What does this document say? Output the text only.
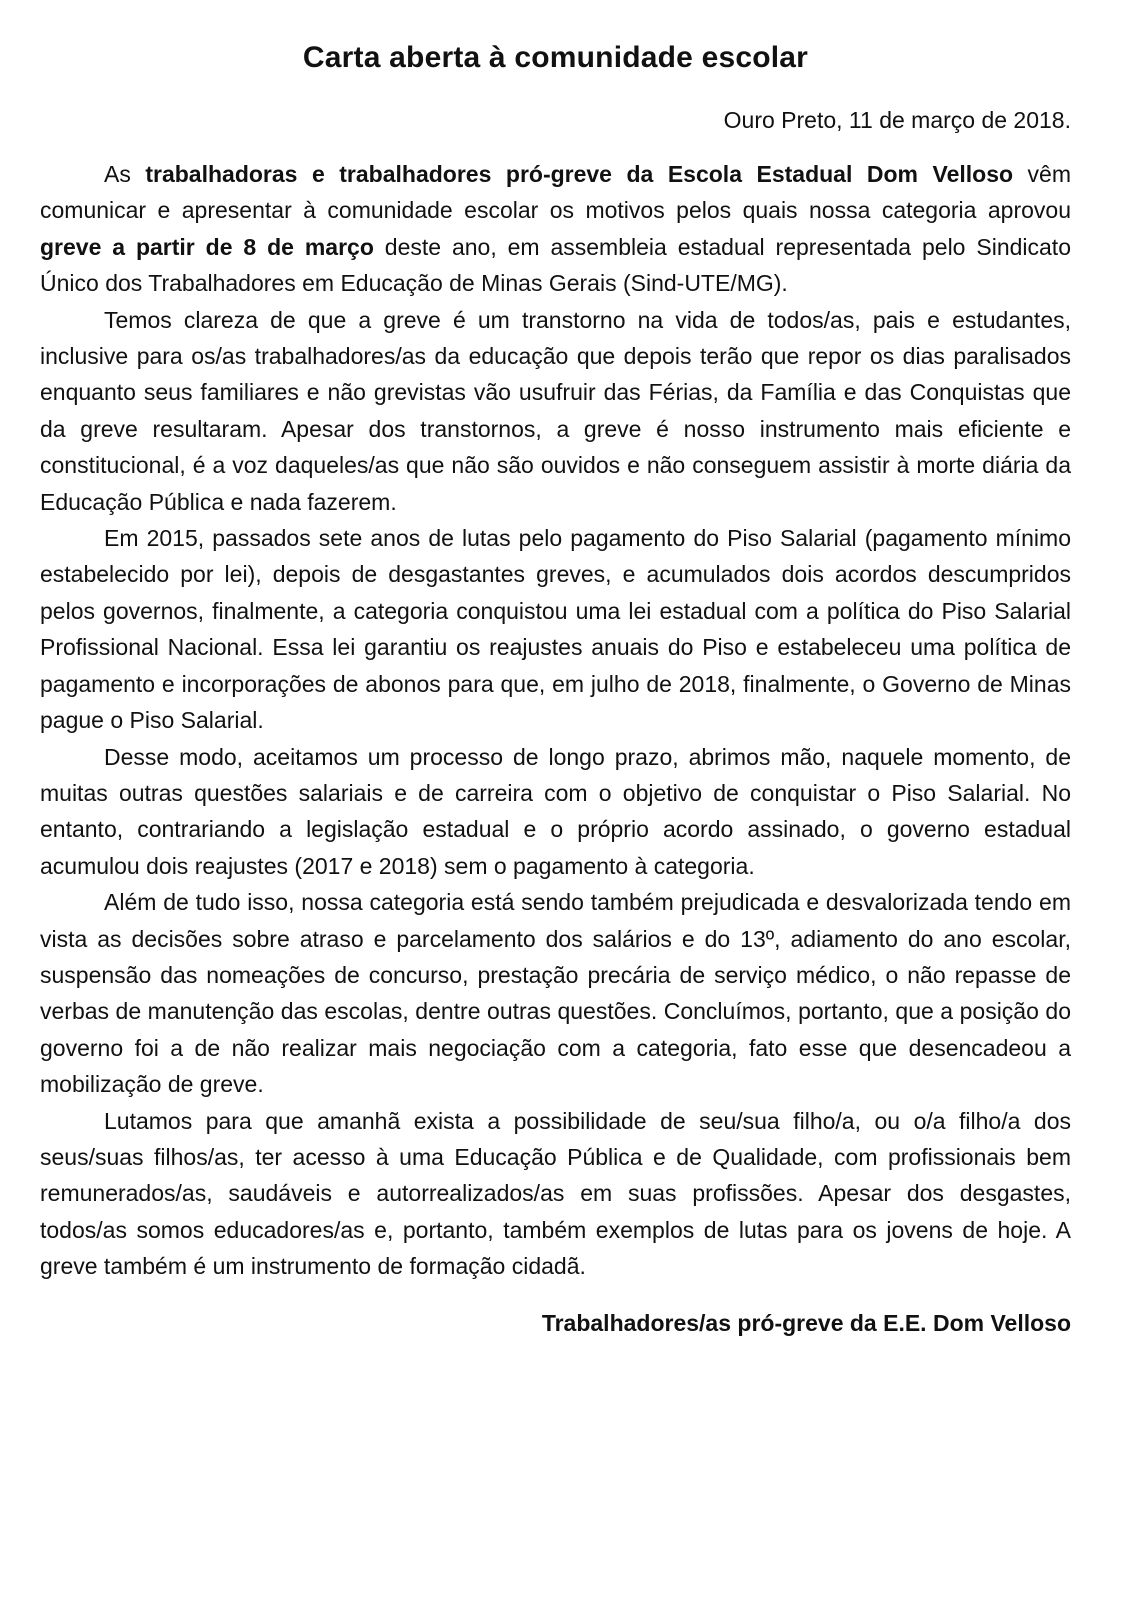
Carta aberta à comunidade escolar
Ouro Preto, 11 de março de 2018.

As trabalhadoras e trabalhadores pró-greve da Escola Estadual Dom Velloso vêm comunicar e apresentar à comunidade escolar os motivos pelos quais nossa categoria aprovou greve a partir de 8 de março deste ano, em assembleia estadual representada pelo Sindicato Único dos Trabalhadores em Educação de Minas Gerais (Sind-UTE/MG).

Temos clareza de que a greve é um transtorno na vida de todos/as, pais e estudantes, inclusive para os/as trabalhadores/as da educação que depois terão que repor os dias paralisados enquanto seus familiares e não grevistas vão usufruir das Férias, da Família e das Conquistas que da greve resultaram. Apesar dos transtornos, a greve é nosso instrumento mais eficiente e constitucional, é a voz daqueles/as que não são ouvidos e não conseguem assistir à morte diária da Educação Pública e nada fazerem.

Em 2015, passados sete anos de lutas pelo pagamento do Piso Salarial (pagamento mínimo estabelecido por lei), depois de desgastantes greves, e acumulados dois acordos descumpridos pelos governos, finalmente, a categoria conquistou uma lei estadual com a política do Piso Salarial Profissional Nacional. Essa lei garantiu os reajustes anuais do Piso e estabeleceu uma política de pagamento e incorporações de abonos para que, em julho de 2018, finalmente, o Governo de Minas pague o Piso Salarial.

Desse modo, aceitamos um processo de longo prazo, abrimos mão, naquele momento, de muitas outras questões salariais e de carreira com o objetivo de conquistar o Piso Salarial. No entanto, contrariando a legislação estadual e o próprio acordo assinado, o governo estadual acumulou dois reajustes (2017 e 2018) sem o pagamento à categoria.

Além de tudo isso, nossa categoria está sendo também prejudicada e desvalorizada tendo em vista as decisões sobre atraso e parcelamento dos salários e do 13º, adiamento do ano escolar, suspensão das nomeações de concurso, prestação precária de serviço médico, o não repasse de verbas de manutenção das escolas, dentre outras questões. Concluímos, portanto, que a posição do governo foi a de não realizar mais negociação com a categoria, fato esse que desencadeou a mobilização de greve.

Lutamos para que amanhã exista a possibilidade de seu/sua filho/a, ou o/a filho/a dos seus/suas filhos/as, ter acesso à uma Educação Pública e de Qualidade, com profissionais bem remunerados/as, saudáveis e autorrealizados/as em suas profissões. Apesar dos desgastes, todos/as somos educadores/as e, portanto, também exemplos de lutas para os jovens de hoje. A greve também é um instrumento de formação cidadã.

Trabalhadores/as pró-greve da E.E. Dom Velloso
